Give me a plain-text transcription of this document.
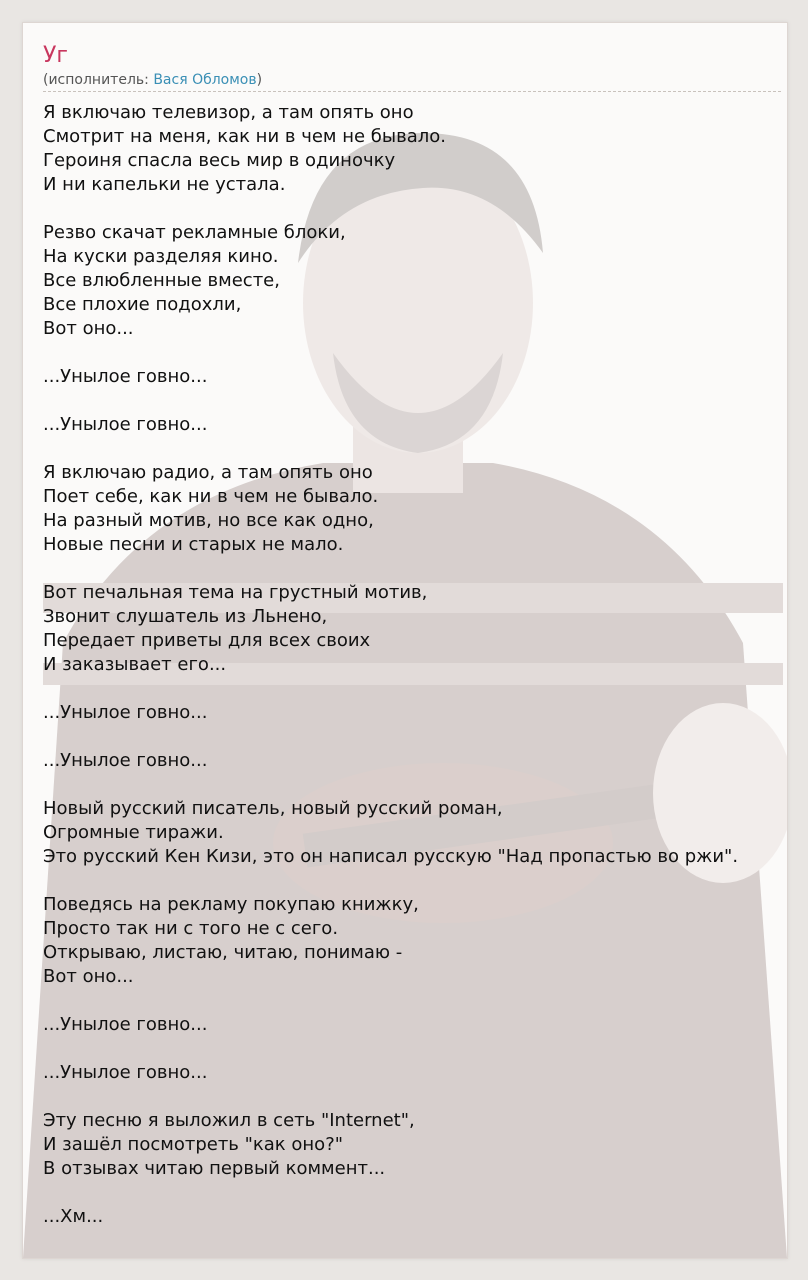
Уг
(исполнитель: Вася Обломов)
Я включаю телевизор, а там опять оно
Смотрит на меня, как ни в чем не бывало.
Героиня спасла весь мир в одиночку
И ни капельки не устала.
Резво скачат рекламные блоки,
На куски разделяя кино.
Все влюбленные вместе,
Все плохие подохли,
Вот оно...
...Унылое говно...
...Унылое говно...
Я включаю радио, а там опять оно
Поет себе, как ни в чем не бывало.
На разный мотив, но все как одно,
Новые песни и старых не мало.
Вот печальная тема на грустный мотив,
Звонит слушатель из Льнено,
Передает приветы для всех своих
И заказывает его...
...Унылое говно...
...Унылое говно...
Новый русский писатель, новый русский роман,
Огромные тиражи.
Это русский Кен Кизи, это он написал русскую "Над пропастью во ржи".
Поведясь на рекламу покупаю книжку,
Просто так ни с того не с сего.
Открываю, листаю, читаю, понимаю -
Вот оно...
...Унылое говно...
...Унылое говно...
Эту песню я выложил в сеть "Internet",
И зашёл посмотреть "как оно?"
В отзывах читаю первый коммент...
...Хм...
